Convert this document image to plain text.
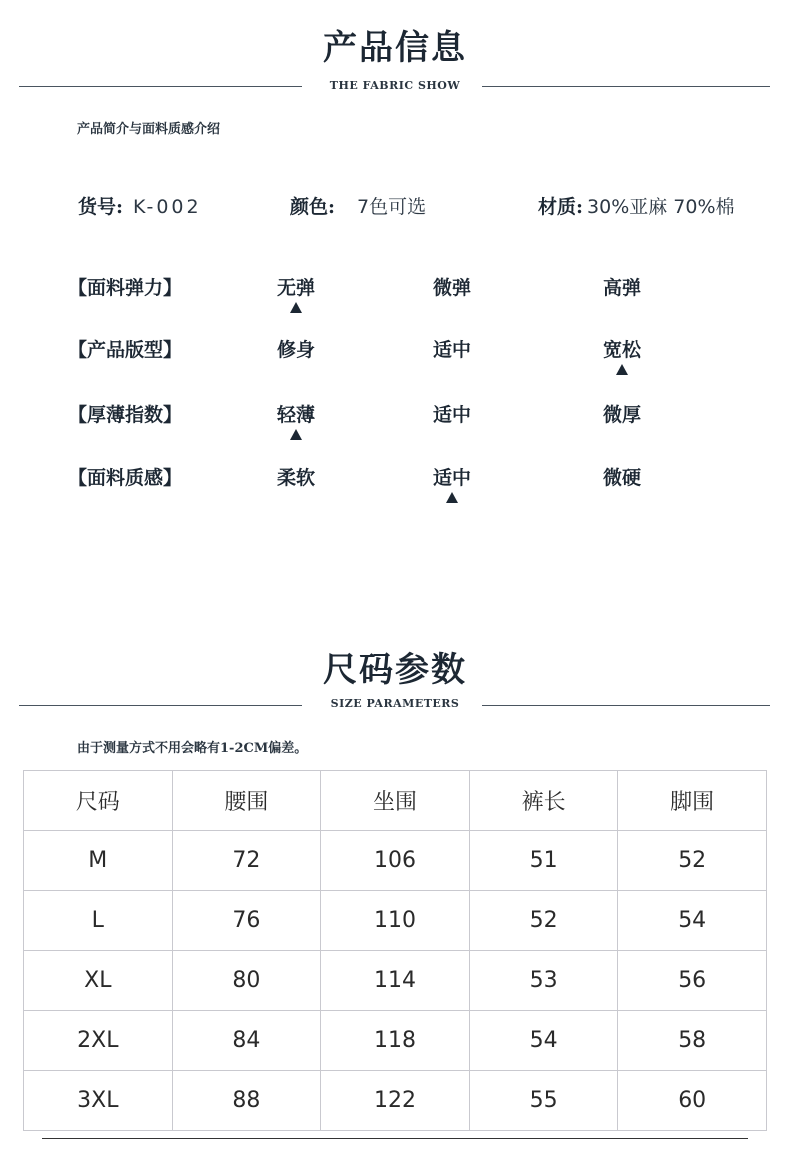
产品信息
THE FABRIC SHOW
产品简介与面料质感介绍
货号: K-002	颜色: 7色可选	材质: 30%亚麻 70%棉
【面料弹力】	无弹	微弹	高弹
【产品版型】	修身	适中	宽松
【厚薄指数】	轻薄	适中	微厚
【面料质感】	柔软	适中	微硬
尺码参数
SIZE PARAMETERS
由于测量方式不用会略有1-2CM偏差。
尺码	腰围	坐围	裤长	脚围
M	72	106	51	52
L	76	110	52	54
XL	80	114	53	56
2XL	84	118	54	58
3XL	88	122	55	60
